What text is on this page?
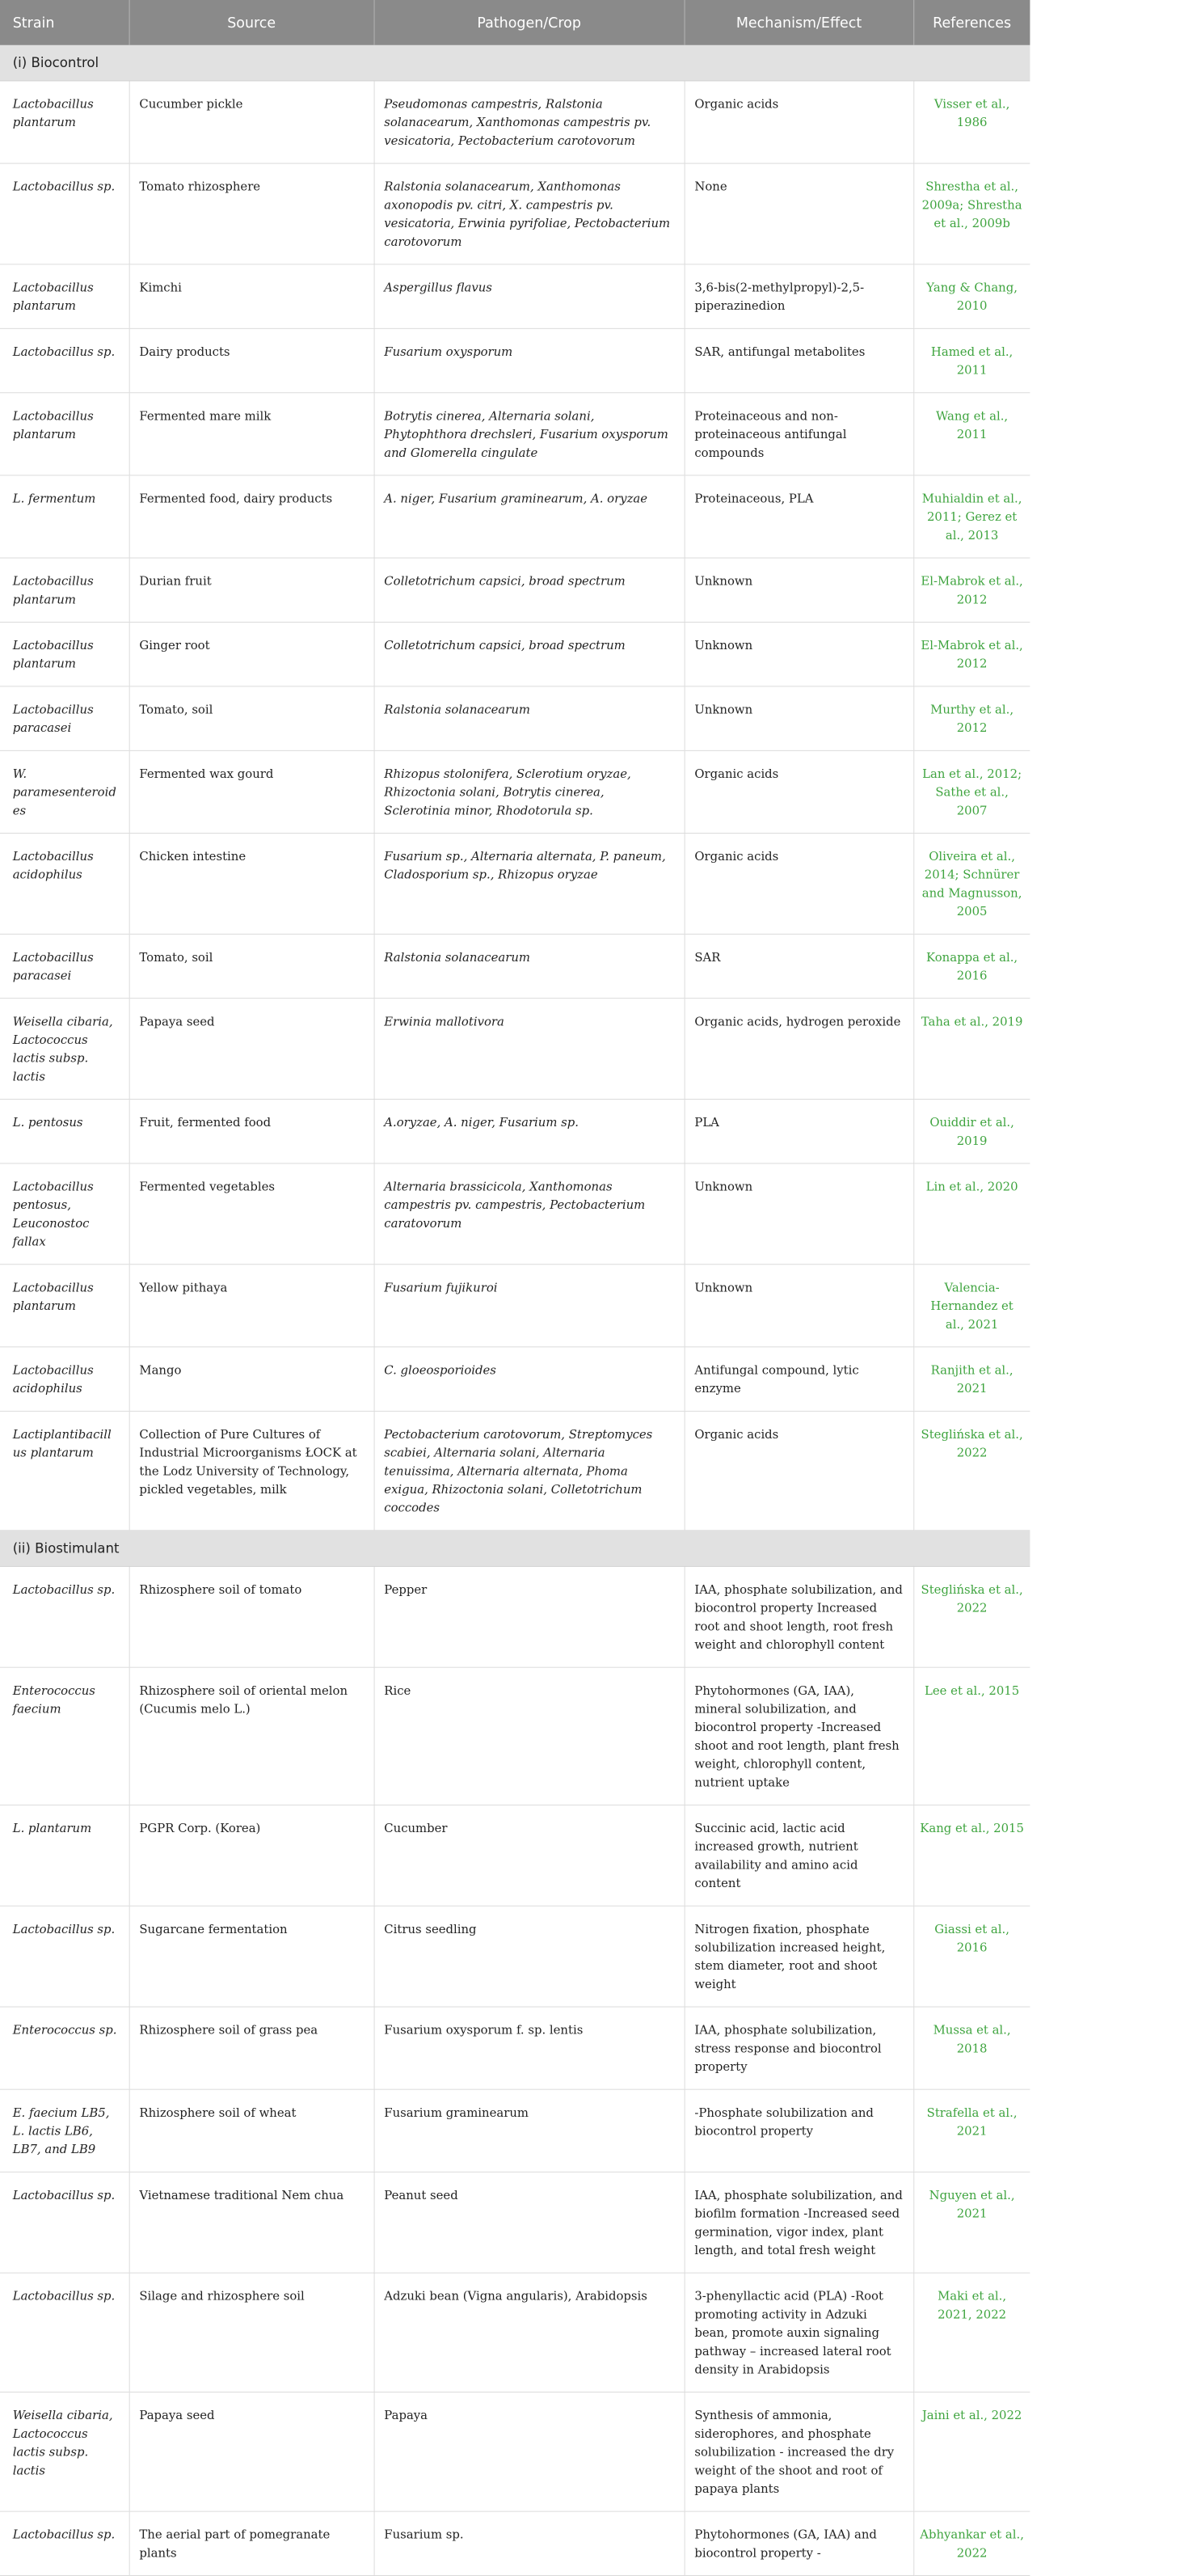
Strain	Source	Pathogen/Crop	Mechanism/Effect	References
(i) Biocontrol				
Lactobacillus plantarum	Cucumber pickle	Pseudomonas campestris, Ralstonia solanacearum, Xanthomonas campestris pv. vesicatoria, Pectobacterium carotovorum	Organic acids	Visser et al., 1986
Lactobacillus sp.	Tomato rhizosphere	Ralstonia solanacearum, Xanthomonas axonopodis pv. citri, X. campestris pv. vesicatoria, Erwinia pyrifoliae, Pectobacterium carotovorum	None	Shrestha et al., 2009a; Shrestha et al., 2009b
Lactobacillus plantarum	Kimchi	Aspergillus flavus	3,6-bis(2-methylpropyl)-2,5-piperazinedion	Yang & Chang, 2010
Lactobacillus sp.	Dairy products	Fusarium oxysporum	SAR, antifungal metabolites	Hamed et al., 2011
Lactobacillus plantarum	Fermented mare milk	Botrytis cinerea, Alternaria solani, Phytophthora drechsleri, Fusarium oxysporum and Glomerella cingulate	Proteinaceous and non-proteinaceous antifungal compounds	Wang et al., 2011
L. fermentum	Fermented food, dairy products	A. niger, Fusarium graminearum, A. oryzae	Proteinaceous, PLA	Muhialdin et al., 2011; Gerez et al., 2013
Lactobacillus plantarum	Durian fruit	Colletotrichum capsici, broad spectrum	Unknown	El-Mabrok et al., 2012
Lactobacillus plantarum	Ginger root	Colletotrichum capsici, broad spectrum	Unknown	El-Mabrok et al., 2012
Lactobacillus paracasei	Tomato, soil	Ralstonia solanacearum	Unknown	Murthy et al., 2012
W. paramesenteroides	Fermented wax gourd	Rhizopus stolonifera, Sclerotium oryzae, Rhizoctonia solani, Botrytis cinerea, Sclerotinia minor, Rhodotorula sp.	Organic acids	Lan et al., 2012; Sathe et al., 2007
Lactobacillus acidophilus	Chicken intestine	Fusarium sp., Alternaria alternata, P. paneum, Cladosporium sp., Rhizopus oryzae	Organic acids	Oliveira et al., 2014; Schnürer and Magnusson, 2005
Lactobacillus paracasei	Tomato, soil	Ralstonia solanacearum	SAR	Konappa et al., 2016
Weisella cibaria, Lactococcus lactis subsp. lactis	Papaya seed	Erwinia mallotivora	Organic acids, hydrogen peroxide	Taha et al., 2019
L. pentosus	Fruit, fermented food	A.oryzae, A. niger, Fusarium sp.	PLA	Ouiddir et al., 2019
Lactobacillus pentosus, Leuconostoc fallax	Fermented vegetables	Alternaria brassicicola, Xanthomonas campestris pv. campestris, Pectobacterium caratovorum	Unknown	Lin et al., 2020
Lactobacillus plantarum	Yellow pithaya	Fusarium fujikuroi	Unknown	Valencia-Hernandez et al., 2021
Lactobacillus acidophilus	Mango	C. gloeosporioides	Antifungal compound, lytic enzyme	Ranjith et al., 2021
Lactiplantibacillus plantarum	Collection of Pure Cultures of Industrial Microorganisms ŁOCK at the Lodz University of Technology, pickled vegetables, milk	Pectobacterium carotovorum, Streptomyces scabiei, Alternaria solani, Alternaria tenuissima, Alternaria alternata, Phoma exigua, Rhizoctonia solani, Colletotrichum coccodes	Organic acids	Steglińska et al., 2022
(ii) Biostimulant				
Lactobacillus sp.	Rhizosphere soil of tomato	Pepper	IAA, phosphate solubilization, and biocontrol property Increased root and shoot length, root fresh weight and chlorophyll content	Steglińska et al., 2022
Enterococcus faecium	Rhizosphere soil of oriental melon (Cucumis melo L.)	Rice	Phytohormones (GA, IAA), mineral solubilization, and biocontrol property -Increased shoot and root length, plant fresh weight, chlorophyll content, nutrient uptake	Lee et al., 2015
L. plantarum	PGPR Corp. (Korea)	Cucumber	Succinic acid, lactic acid increased growth, nutrient availability and amino acid content	Kang et al., 2015
Lactobacillus sp.	Sugarcane fermentation	Citrus seedling	Nitrogen fixation, phosphate solubilization increased height, stem diameter, root and shoot weight	Giassi et al., 2016
Enterococcus sp.	Rhizosphere soil of grass pea	Fusarium oxysporum f. sp. lentis	IAA, phosphate solubilization, stress response and biocontrol property	Mussa et al., 2018
E. faecium LB5, L. lactis LB6, LB7, and LB9	Rhizosphere soil of wheat	Fusarium graminearum	-Phosphate solubilization and biocontrol property	Strafella et al., 2021
Lactobacillus sp.	Vietnamese traditional Nem chua	Peanut seed	IAA, phosphate solubilization, and biofilm formation -Increased seed germination, vigor index, plant length, and total fresh weight	Nguyen et al., 2021
Lactobacillus sp.	Silage and rhizosphere soil	Adzuki bean (Vigna angularis), Arabidopsis	3-phenyllactic acid (PLA) -Root promoting activity in Adzuki bean, promote auxin signaling pathway – increased lateral root density in Arabidopsis	Maki et al., 2021, 2022
Weisella cibaria, Lactococcus lactis subsp. lactis	Papaya seed	Papaya	Synthesis of ammonia, siderophores, and phosphate solubilization - increased the dry weight of the shoot and root of papaya plants	Jaini et al., 2022
Lactobacillus sp.	The aerial part of pomegranate plants	Fusarium sp.	Phytohormones (GA, IAA) and biocontrol property -	Abhyankar et al., 2022
